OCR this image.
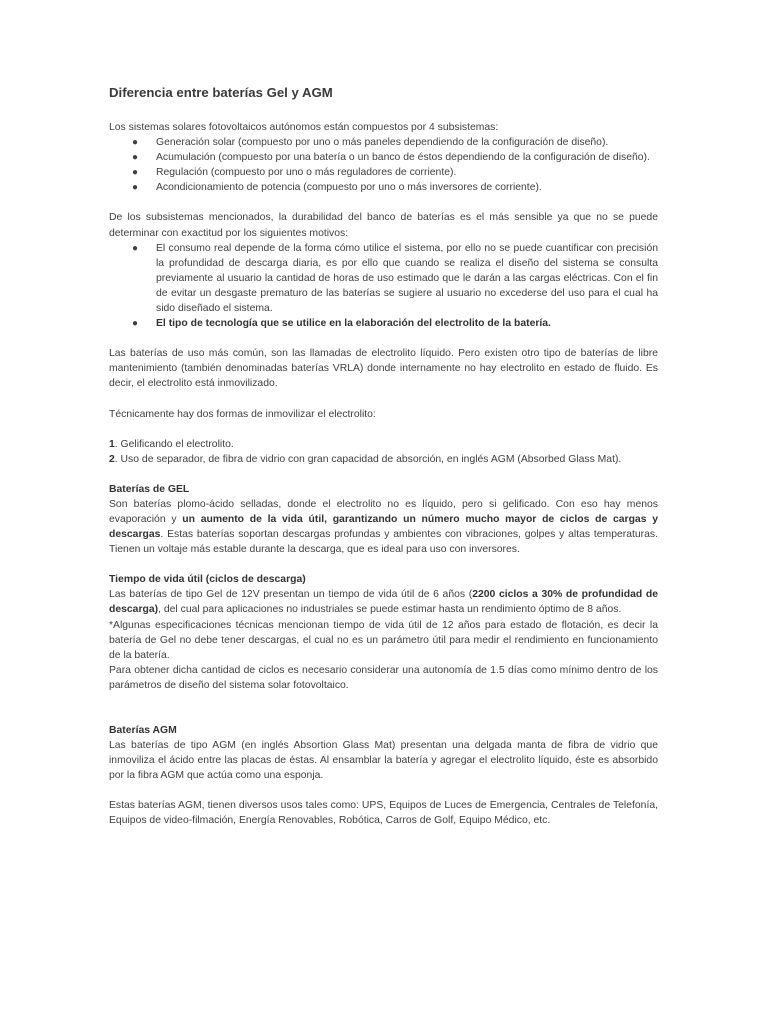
Diferencia entre baterías Gel y AGM

Los sistemas solares fotovoltaicos autónomos están compuestos por 4 subsistemas:

●	Generación solar (compuesto por uno o más paneles dependiendo de la configuración de diseño).
●	Acumulación (compuesto por una batería o un banco de éstos dependiendo de la configuración de diseño).
●	Regulación (compuesto por uno o más reguladores de corriente).
●	Acondicionamiento de potencia (compuesto por uno o más inversores de corriente).

De los subsistemas mencionados, la durabilidad del banco de baterías es el más sensible ya que no se puede determinar con exactitud por los siguientes motivos:

●	El consumo real depende de la forma cómo utilice el sistema, por ello no se puede cuantificar con precisión la profundidad de descarga diaria, es por ello que cuando se realiza el diseño del sistema se consulta previamente al usuario la cantidad de horas de uso estimado que le darán a las cargas eléctricas. Con el fin de evitar un desgaste prematuro de las baterías se sugiere al usuario no excederse del uso para el cual ha sido diseñado el sistema.
●	El tipo de tecnología que se utilice en la elaboración del electrolito de la batería.

Las baterías de uso más común, son las llamadas de electrolito líquido. Pero existen otro tipo de baterías de libre mantenimiento (también denominadas baterías VRLA) donde internamente no hay electrolito en estado de fluido. Es decir, el electrolito está inmovilizado.

Técnicamente hay dos formas de inmovilizar el electrolito:

1. Gelificando el electrolito.

2. Uso de separador, de fibra de vidrio con gran capacidad de absorción, en inglés AGM (Absorbed Glass Mat).

Baterías de GEL

Son baterías plomo-ácido selladas, donde el electrolito no es líquido, pero si gelificado. Con eso hay menos evaporación y un aumento de la vida útil, garantizando un número mucho mayor de ciclos de cargas y descargas. Estas baterías soportan descargas profundas y ambientes con vibraciones, golpes y altas temperaturas. Tienen un voltaje más estable durante la descarga, que es ideal para uso con inversores.

Tiempo de vida útil (ciclos de descarga)

Las baterías de tipo Gel de 12V presentan un tiempo de vida útil de 6 años (2200 ciclos a 30% de profundidad de descarga), del cual para aplicaciones no industriales se puede estimar hasta un rendimiento óptimo de 8 años.

*Algunas especificaciones técnicas mencionan tiempo de vida útil de 12 años para estado de flotación, es decir la batería de Gel no debe tener descargas, el cual no es un parámetro útil para medir el rendimiento en funcionamiento de la batería.

Para obtener dicha cantidad de ciclos es necesario considerar una autonomía de 1.5 días como mínimo dentro de los parámetros de diseño del sistema solar fotovoltaico.

Baterías AGM

Las baterías de tipo AGM (en inglés Absortion Glass Mat) presentan una delgada manta de fibra de vidrio que inmoviliza el ácido entre las placas de éstas. Al ensamblar la batería y agregar el electrolito líquido, éste es absorbido por la fibra AGM que actúa como una esponja.

Estas baterías AGM, tienen diversos usos tales como: UPS, Equipos de Luces de Emergencia, Centrales de Telefonía, Equipos de video-filmación, Energía Renovables, Robótica, Carros de Golf, Equipo Médico, etc.
